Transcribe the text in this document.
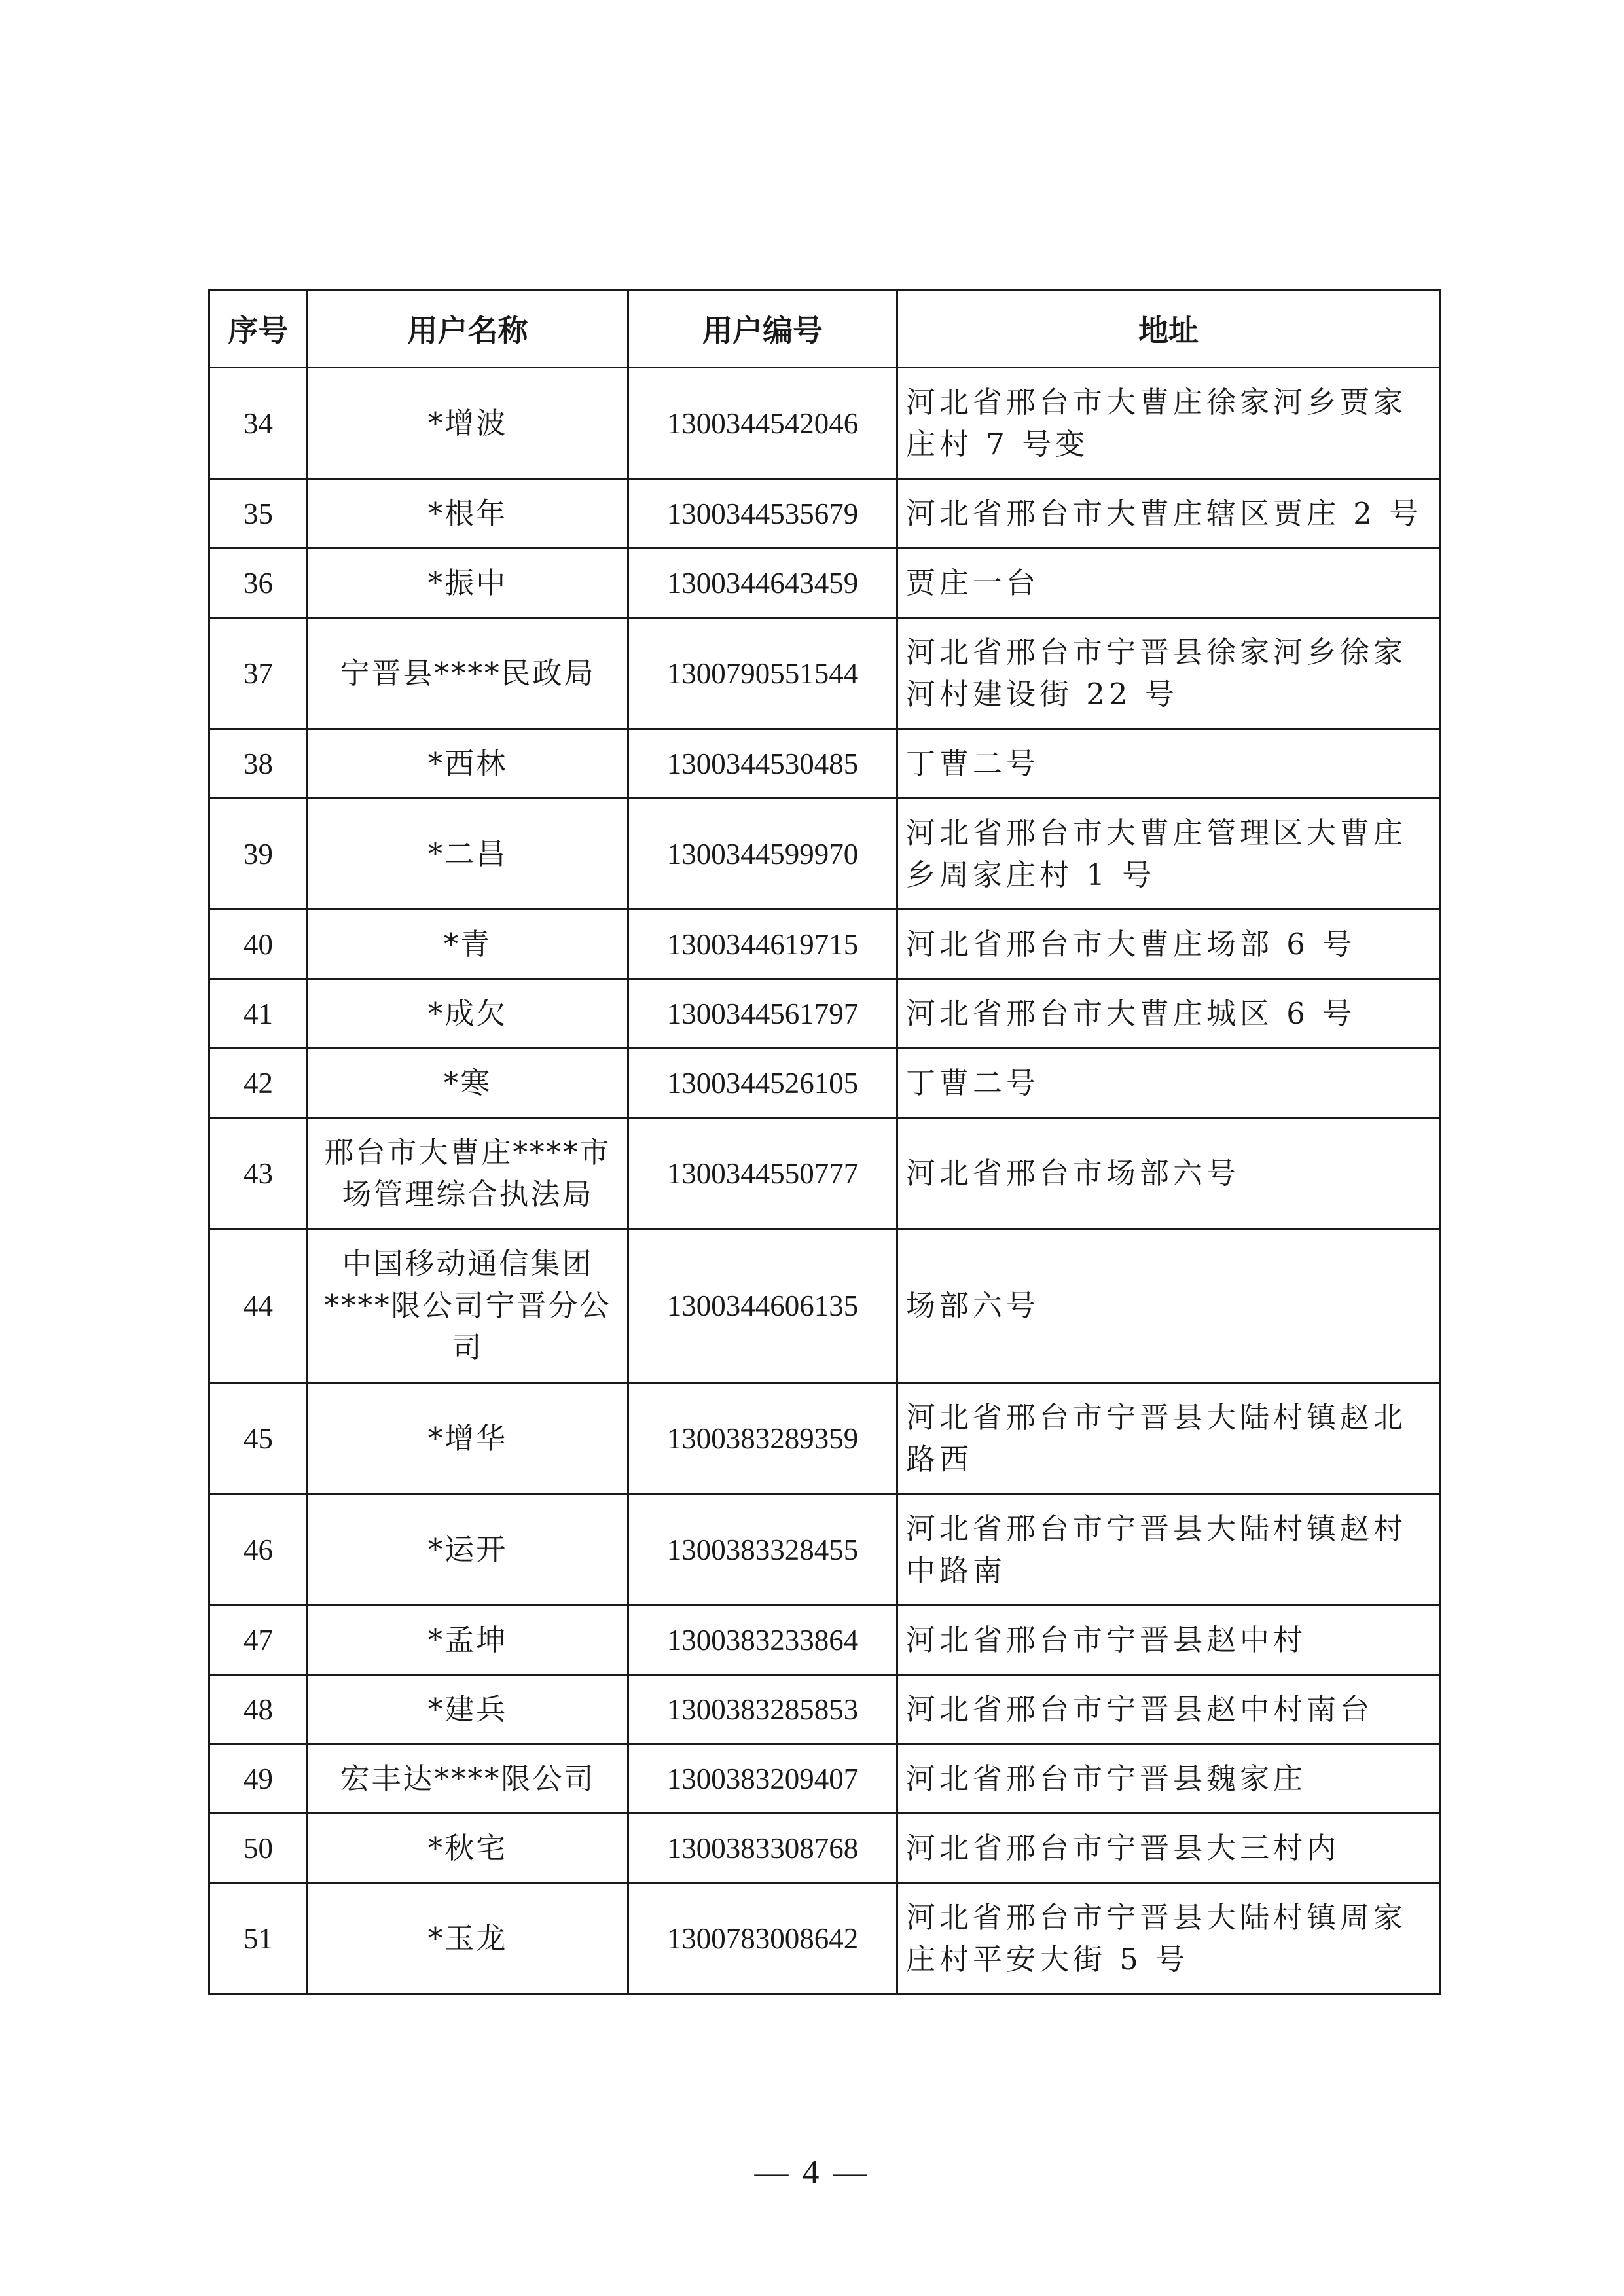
序号	用户名称	用户编号	地址
34	*增波	1300344542046	河北省邢台市大曹庄徐家河乡贾家庄村 7 号变
35	*根年	1300344535679	河北省邢台市大曹庄辖区贾庄 2 号
36	*振中	1300344643459	贾庄一台
37	宁晋县****民政局	1300790551544	河北省邢台市宁晋县徐家河乡徐家河村建设街 22 号
38	*西林	1300344530485	丁曹二号
39	*二昌	1300344599970	河北省邢台市大曹庄管理区大曹庄乡周家庄村 1 号
40	*青	1300344619715	河北省邢台市大曹庄场部 6 号
41	*成欠	1300344561797	河北省邢台市大曹庄城区 6 号
42	*寒	1300344526105	丁曹二号
43	邢台市大曹庄****市场管理综合执法局	1300344550777	河北省邢台市场部六号
44	中国移动通信集团****限公司宁晋分公司	1300344606135	场部六号
45	*增华	1300383289359	河北省邢台市宁晋县大陆村镇赵北路西
46	*运开	1300383328455	河北省邢台市宁晋县大陆村镇赵村中路南
47	*孟坤	1300383233864	河北省邢台市宁晋县赵中村
48	*建兵	1300383285853	河北省邢台市宁晋县赵中村南台
49	宏丰达****限公司	1300383209407	河北省邢台市宁晋县魏家庄
50	*秋宅	1300383308768	河北省邢台市宁晋县大三村内
51	*玉龙	1300783008642	河北省邢台市宁晋县大陆村镇周家庄村平安大街 5 号
— 4 —
